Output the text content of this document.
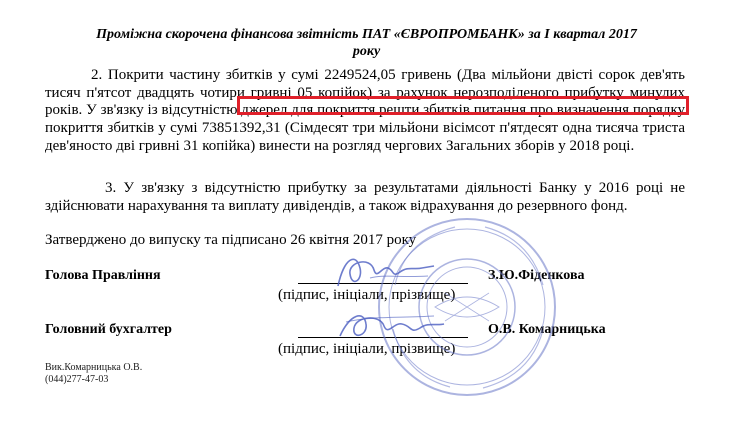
Проміжна скорочена фінансова звітність ПАТ «ЄВРОПРОМБАНК» за I квартал 2017
року
2. Покрити частину збитків у сумі 2249524,05 гривень (Два мільйони двісті сорок дев'ять тисяч п'ятсот двадцять чотири гривні 05 копійок) за рахунок нерозподіленого прибутку минулих років. У зв'язку із відсутністю джерел для покриття решти збитків питання про визначення порядку покриття збитків у сумі 73851392,31 (Сімдесят три мільйони вісімсот п'ятдесят одна тисяча триста дев'яносто дві гривні 31 копійка) винести на розгляд чергових Загальних зборів у 2018 році.
3. У зв'язку з відсутністю прибутку за результатами діяльності Банку у 2016 році не здійснювати нарахування та виплату дивідендів, а також відрахування до резервного фонд.
Затверджено до випуску та підписано 26 квітня 2017 року
Голова Правління
(підпис, ініціали, прізвище)
З.Ю.Фіденкова
Головний бухгалтер
(підпис, ініціали, прізвище)
О.В. Комарницька
Вик.Комарницька О.В.
(044)277-47-03
